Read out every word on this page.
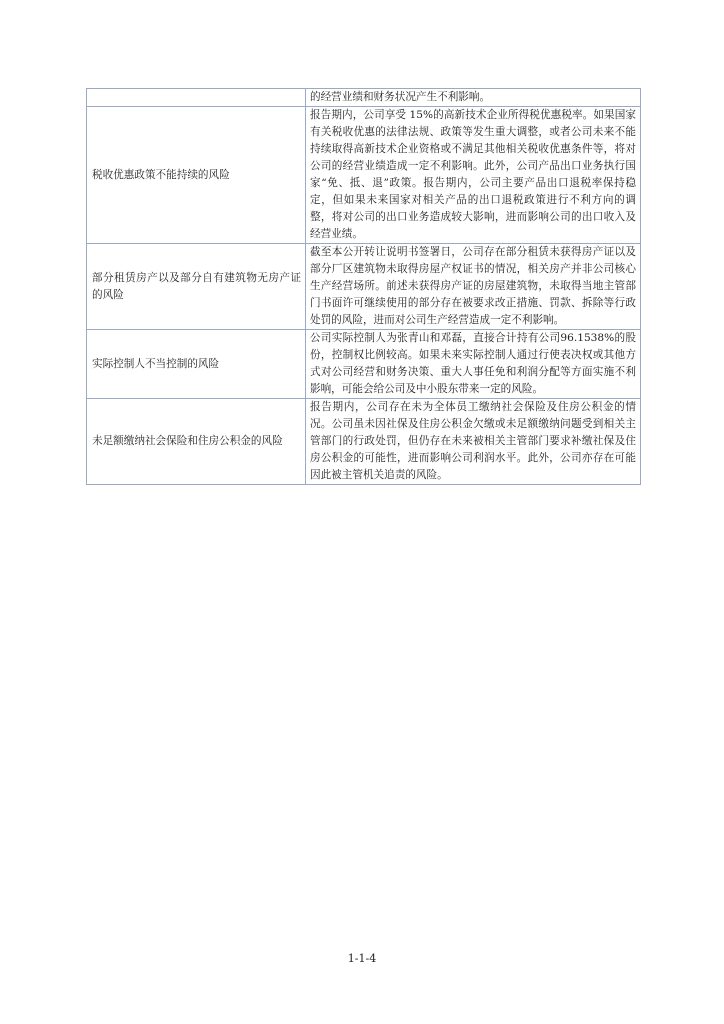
	的经营业绩和财务状况产生不利影响。
税收优惠政策不能持续的风险	报告期内，公司享受 15%的高新技术企业所得税优惠税率。如果国家有关税收优惠的法律法规、政策等发生重大调整，或者公司未来不能持续取得高新技术企业资格或不满足其他相关税收优惠条件等，将对公司的经营业绩造成一定不利影响。此外，公司产品出口业务执行国家“免、抵、退”政策。报告期内，公司主要产品出口退税率保持稳定，但如果未来国家对相关产品的出口退税政策进行不利方向的调整，将对公司的出口业务造成较大影响，进而影响公司的出口收入及经营业绩。
部分租赁房产以及部分自有建筑物无房产证的风险	截至本公开转让说明书签署日，公司存在部分租赁未获得房产证以及部分厂区建筑物未取得房屋产权证书的情况，相关房产并非公司核心生产经营场所。前述未获得房产证的房屋建筑物，未取得当地主管部门书面许可继续使用的部分存在被要求改正措施、罚款、拆除等行政处罚的风险，进而对公司生产经营造成一定不利影响。
实际控制人不当控制的风险	公司实际控制人为张青山和邓磊，直接合计持有公司96.1538%的股份，控制权比例较高。如果未来实际控制人通过行使表决权或其他方式对公司经营和财务决策、重大人事任免和利润分配等方面实施不利影响，可能会给公司及中小股东带来一定的风险。
未足额缴纳社会保险和住房公积金的风险	报告期内，公司存在未为全体员工缴纳社会保险及住房公积金的情况。公司虽未因社保及住房公积金欠缴或未足额缴纳问题受到相关主管部门的行政处罚，但仍存在未来被相关主管部门要求补缴社保及住房公积金的可能性，进而影响公司利润水平。此外，公司亦存在可能因此被主管机关追责的风险。
1-1-4
